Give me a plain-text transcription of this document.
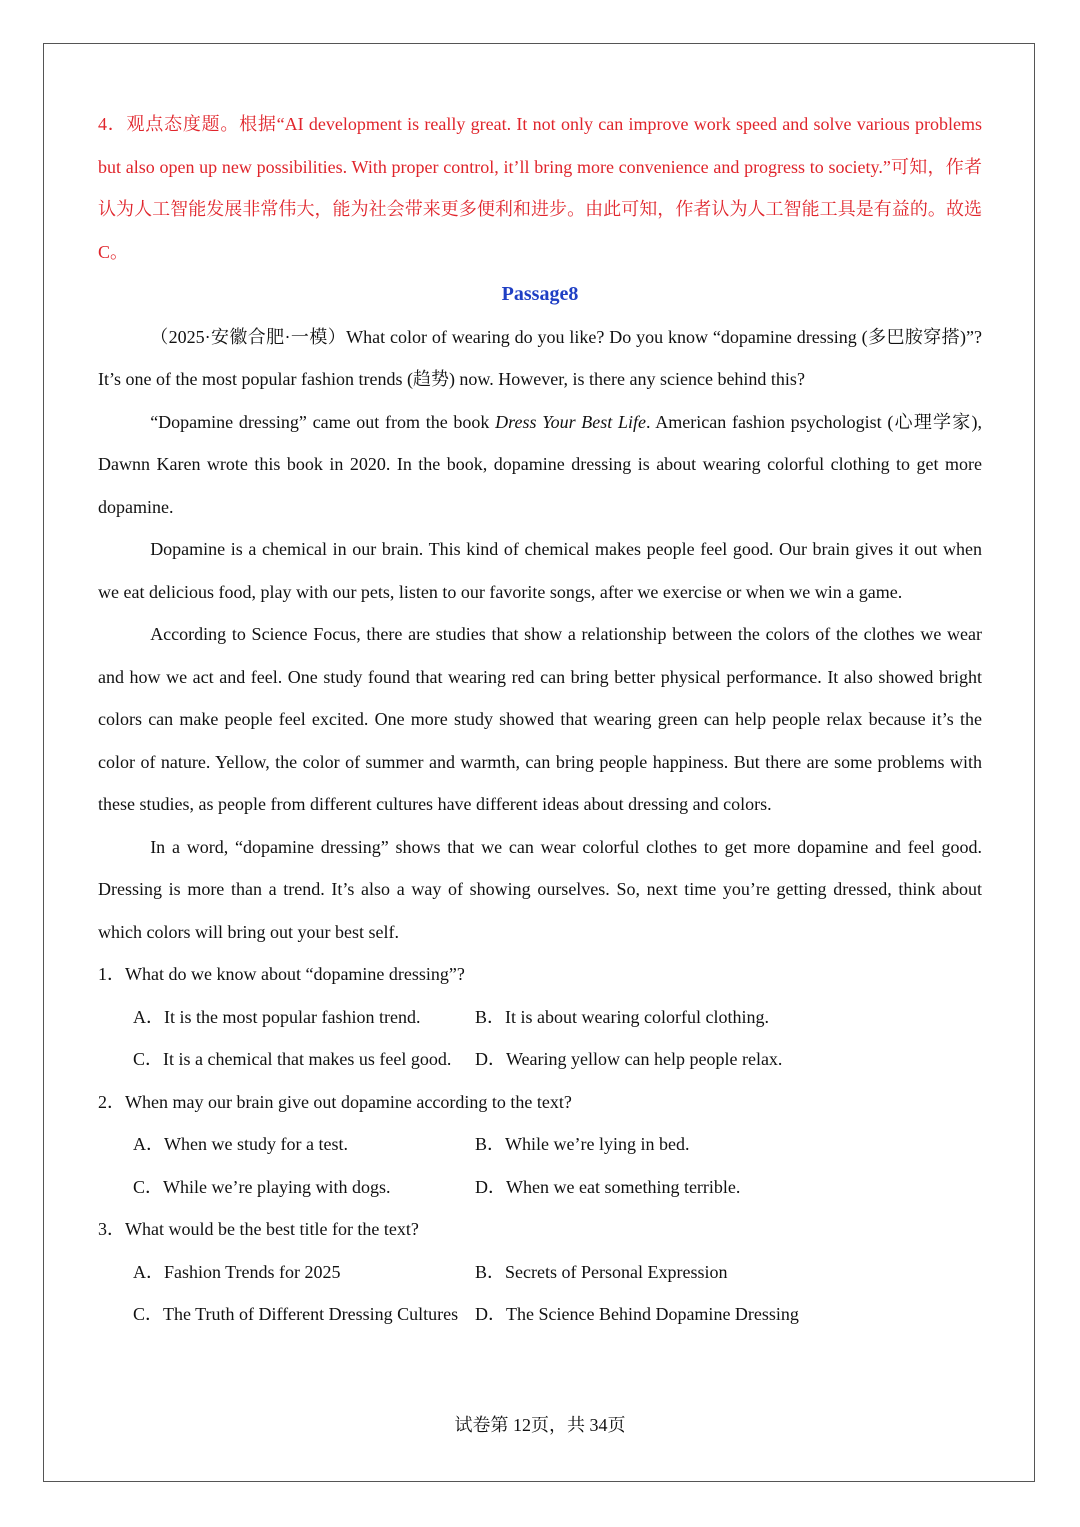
4．观点态度题。根据“AI development is really great. It not only can improve work speed and solve various problems but also open up new possibilities. With proper control, it’ll bring more convenience and progress to society.”可知，作者认为人工智能发展非常伟大，能为社会带来更多便利和进步。由此可知，作者认为人工智能工具是有益的。故选 C。
Passage8

（2025·安徽合肥·一模）What color of wearing do you like? Do you know “dopamine dressing (多巴胺穿搭)”? It’s one of the most popular fashion trends (趋势) now. However, is there any science behind this?

“Dopamine dressing” came out from the book Dress Your Best Life. American fashion psychologist (心理学家), Dawnn Karen wrote this book in 2020. In the book, dopamine dressing is about wearing colorful clothing to get more dopamine.

Dopamine is a chemical in our brain. This kind of chemical makes people feel good. Our brain gives it out when we eat delicious food, play with our pets, listen to our favorite songs, after we exercise or when we win a game.

According to Science Focus, there are studies that show a relationship between the colors of the clothes we wear and how we act and feel. One study found that wearing red can bring better physical performance. It also showed bright colors can make people feel excited. One more study showed that wearing green can help people relax because it’s the color of nature. Yellow, the color of summer and warmth, can bring people happiness. But there are some problems with these studies, as people from different cultures have different ideas about dressing and colors.

In a word, “dopamine dressing” shows that we can wear colorful clothes to get more dopamine and feel good. Dressing is more than a trend. It’s also a way of showing ourselves. So, next time you’re getting dressed, think about which colors will bring out your best self.

1．What do we know about “dopamine dressing”?

A．It is the most popular fashion trend.	B．It is about wearing colorful clothing.
C．It is a chemical that makes us feel good.	D．Wearing yellow can help people relax.

2．When may our brain give out dopamine according to the text?

A．When we study for a test.	B．While we’re lying in bed.
C．While we’re playing with dogs.	D．When we eat something terrible.

3．What would be the best title for the text?

A．Fashion Trends for 2025	B．Secrets of Personal Expression
C．The Truth of Different Dressing Cultures D．The Science Behind Dopamine Dressing
试卷第 12页，共 34页
